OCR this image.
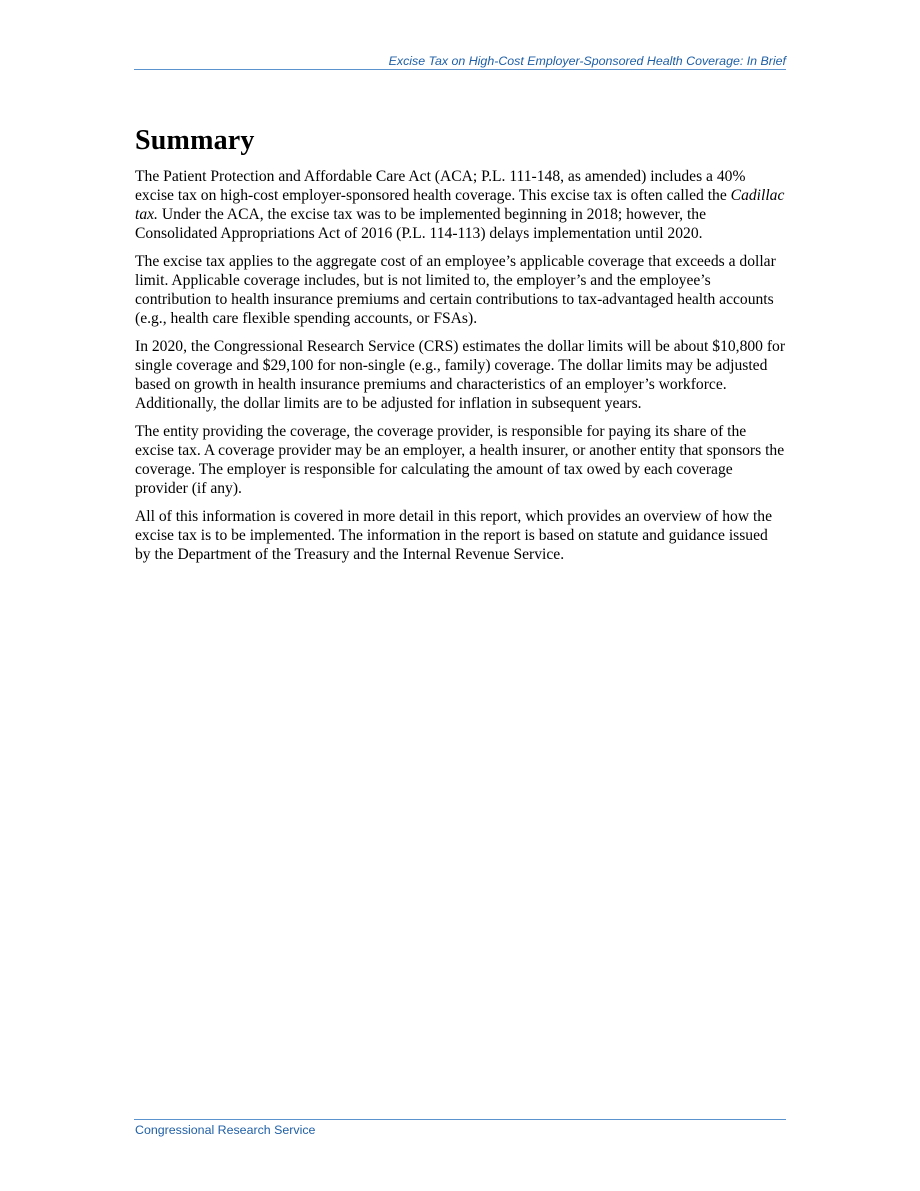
Excise Tax on High-Cost Employer-Sponsored Health Coverage: In Brief
Summary

The Patient Protection and Affordable Care Act (ACA; P.L. 111-148, as amended) includes a 40% excise tax on high-cost employer-sponsored health coverage. This excise tax is often called the Cadillac tax. Under the ACA, the excise tax was to be implemented beginning in 2018; however, the Consolidated Appropriations Act of 2016 (P.L. 114-113) delays implementation until 2020.

The excise tax applies to the aggregate cost of an employee’s applicable coverage that exceeds a dollar limit. Applicable coverage includes, but is not limited to, the employer’s and the employee’s contribution to health insurance premiums and certain contributions to tax-advantaged health accounts (e.g., health care flexible spending accounts, or FSAs).

In 2020, the Congressional Research Service (CRS) estimates the dollar limits will be about $10,800 for single coverage and $29,100 for non-single (e.g., family) coverage. The dollar limits may be adjusted based on growth in health insurance premiums and characteristics of an employer’s workforce. Additionally, the dollar limits are to be adjusted for inflation in subsequent years.

The entity providing the coverage, the coverage provider, is responsible for paying its share of the excise tax. A coverage provider may be an employer, a health insurer, or another entity that sponsors the coverage. The employer is responsible for calculating the amount of tax owed by each coverage provider (if any).

All of this information is covered in more detail in this report, which provides an overview of how the excise tax is to be implemented. The information in the report is based on statute and guidance issued by the Department of the Treasury and the Internal Revenue Service.

Congressional Research Service
